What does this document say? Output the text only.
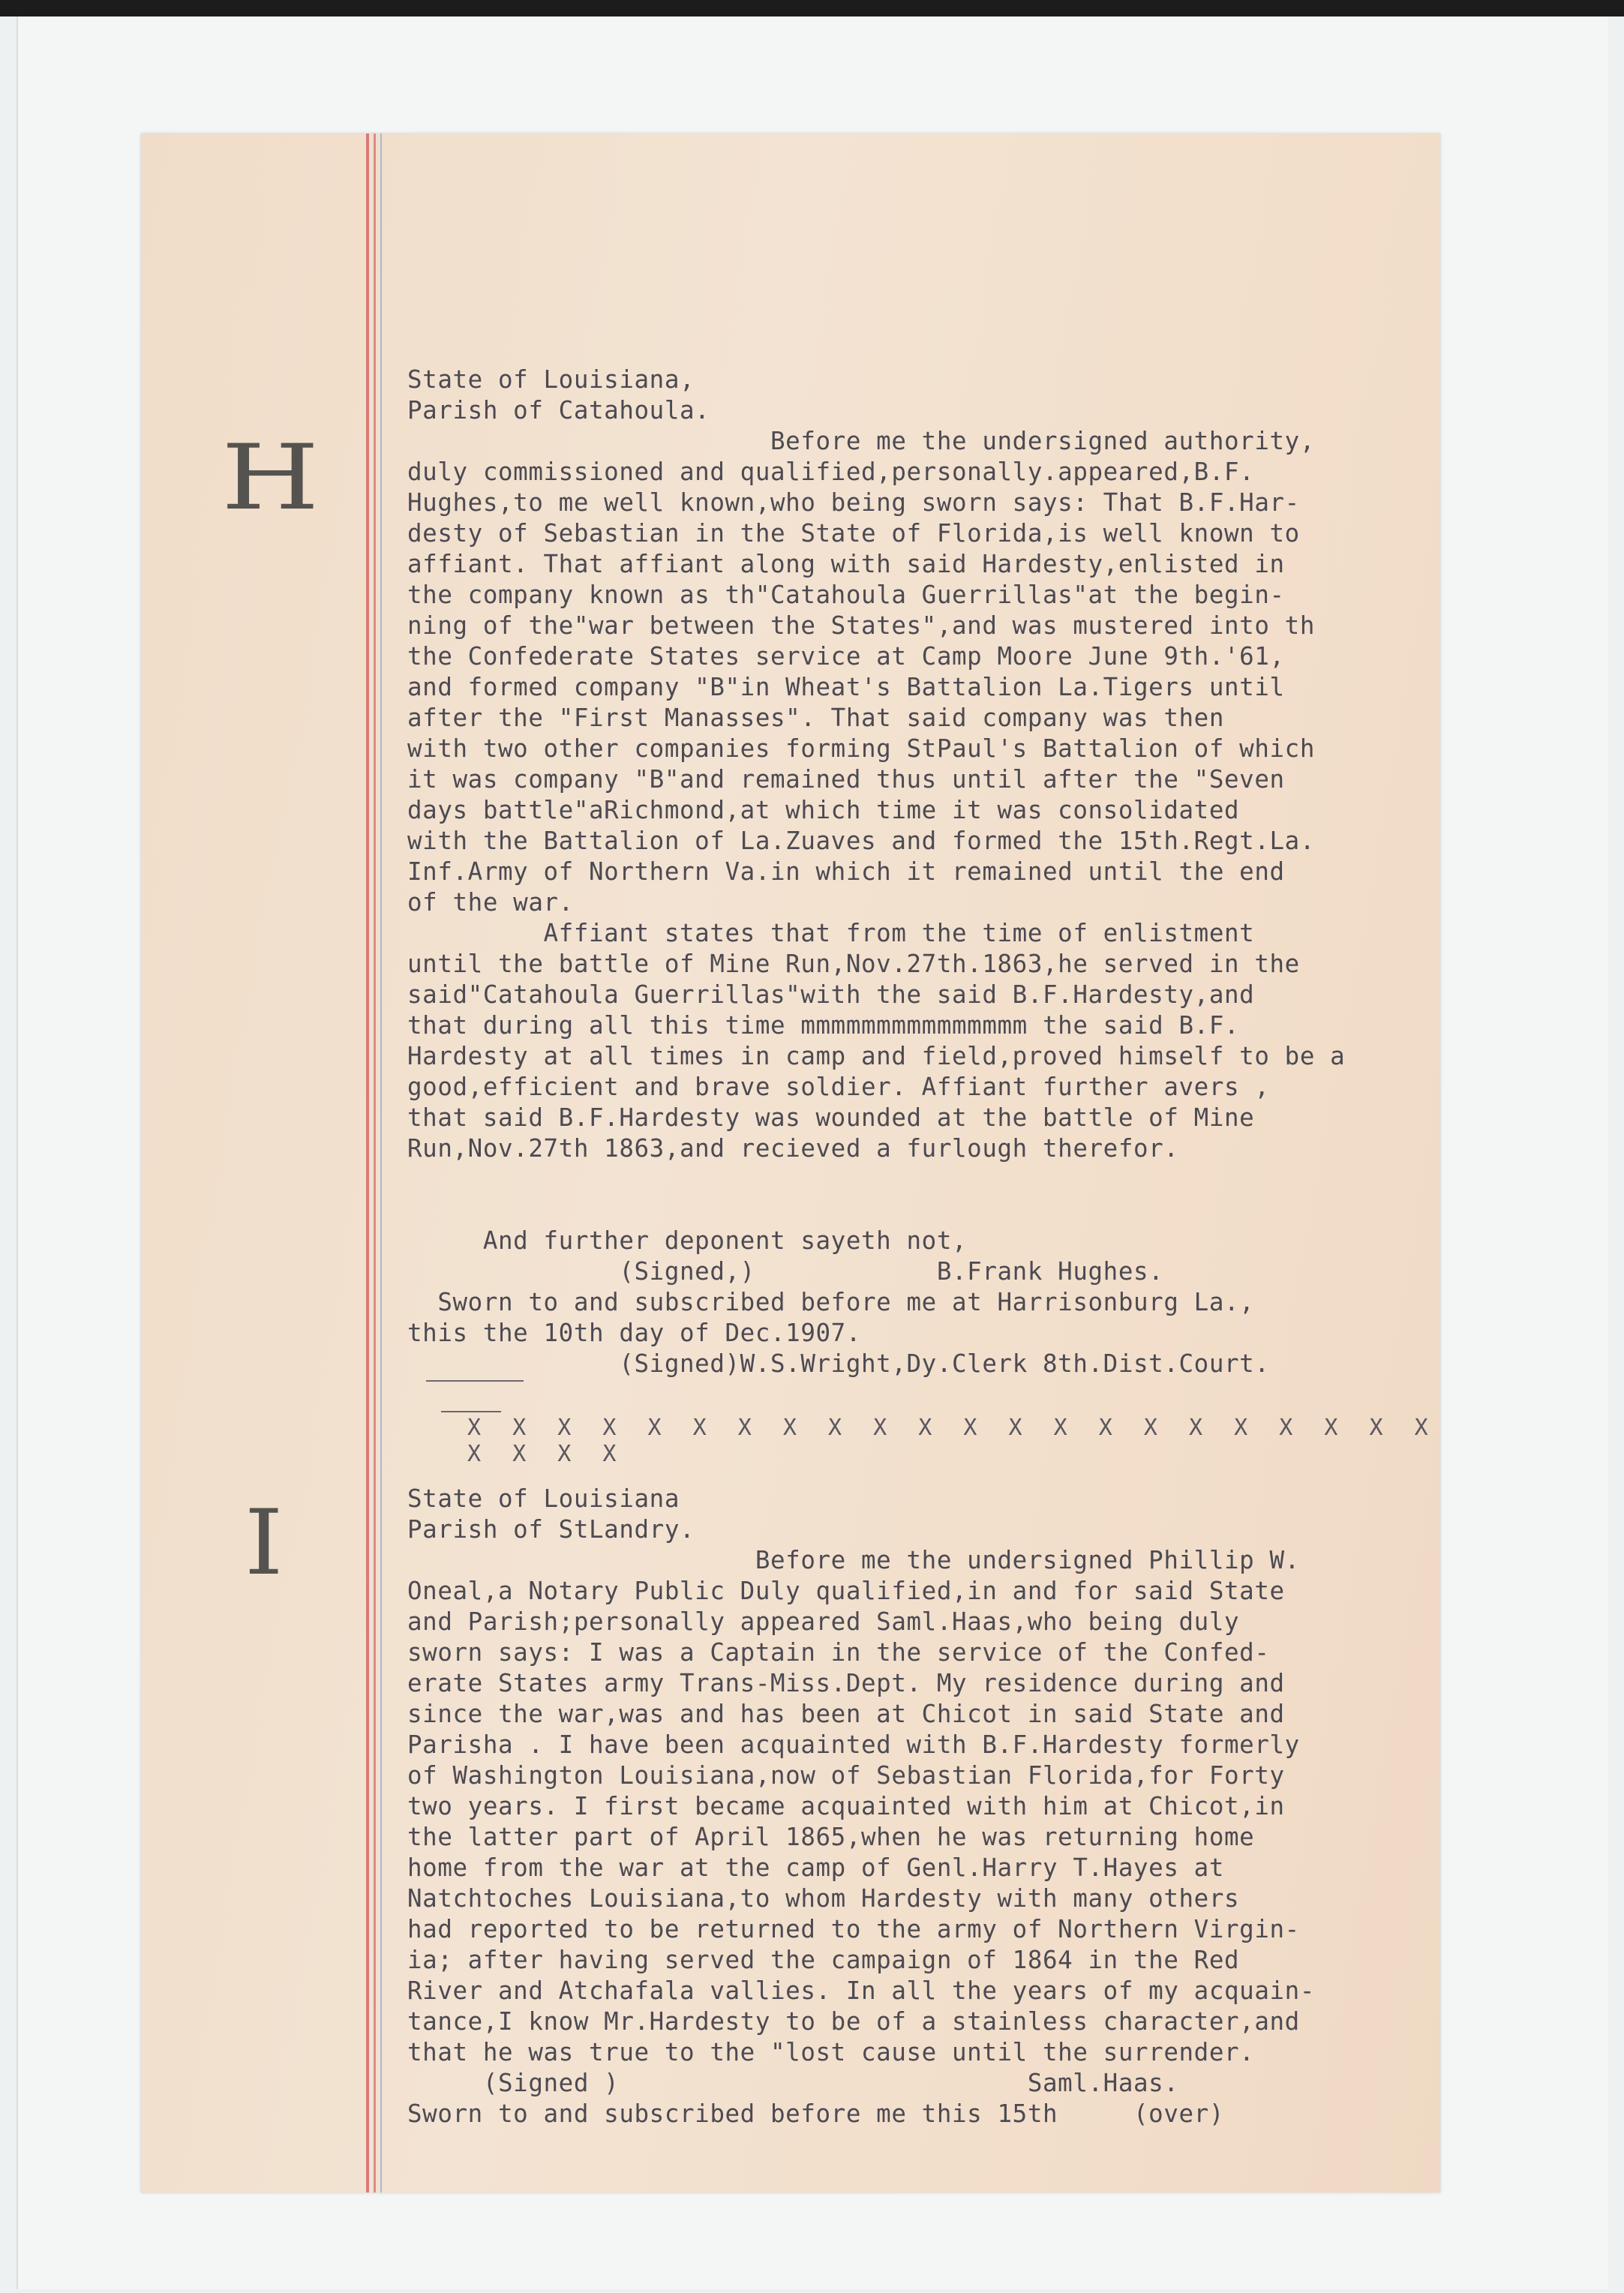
H
I
State of Louisiana,
Parish of Catahoula.
Before me the undersigned authority,
duly commissioned and qualified,personally.appeared,B.F.
Hughes,to me well known,who being sworn says: That B.F.Har-
desty of Sebastian in the State of Florida,is well known to
affiant. That affiant along with said Hardesty,enlisted in
the company known as th"Catahoula Guerrillas"at the begin-
ning of the"war between the States",and was mustered into th
the Confederate States service at Camp Moore June 9th.'61,
and formed company "B"in Wheat's Battalion La.Tigers until
after the "First Manasses". That said company was then
with two other companies forming StPaul's Battalion of which
it was company "B"and remained thus until after the "Seven
days battle"aRichmond,at which time it was consolidated
with the Battalion of La.Zuaves and formed the 15th.Regt.La.
Inf.Army of Northern Va.in which it remained until the end
of the war.
Affiant states that from the time of enlistment
until the battle of Mine Run,Nov.27th.1863,he served in the
said"Catahoula Guerrillas"with the said B.F.Hardesty,and
that during all this time mmmmmmmmmmmmmmm the said B.F.
Hardesty at all times in camp and field,proved himself to be a
good,efficient and brave soldier. Affiant further avers ,
that said B.F.Hardesty was wounded at the battle of Mine
Run,Nov.27th 1863,and recieved a furlough therefor.
And further deponent sayeth not,
(Signed,)            B.Frank Hughes.
Sworn to and subscribed before me at Harrisonburg La.,
this the 10th day of Dec.1907.
(Signed)W.S.Wright,Dy.Clerk 8th.Dist.Court.
X X X X X X X X X X X X X X X X X X X X X X X X X X
State of Louisiana
Parish of StLandry.
Before me the undersigned Phillip W.
Oneal,a Notary Public Duly qualified,in and for said State
and Parish;personally appeared Saml.Haas,who being duly
sworn says: I was a Captain in the service of the Confed-
erate States army Trans-Miss.Dept. My residence during and
since the war,was and has been at Chicot in said State and
Parisha . I have been acquainted with B.F.Hardesty formerly
of Washington Louisiana,now of Sebastian Florida,for Forty
two years. I first became acquainted with him at Chicot,in
the latter part of April 1865,when he was returning home
home from the war at the camp of Genl.Harry T.Hayes at
Natchtoches Louisiana,to whom Hardesty with many others
had reported to be returned to the army of Northern Virgin-
ia; after having served the campaign of 1864 in the Red
River and Atchafala vallies. In all the years of my acquain-
tance,I know Mr.Hardesty to be of a stainless character,and
that he was true to the "lost cause until the surrender.
(Signed )                           Saml.Haas.
Sworn to and subscribed before me this 15th     (over)
